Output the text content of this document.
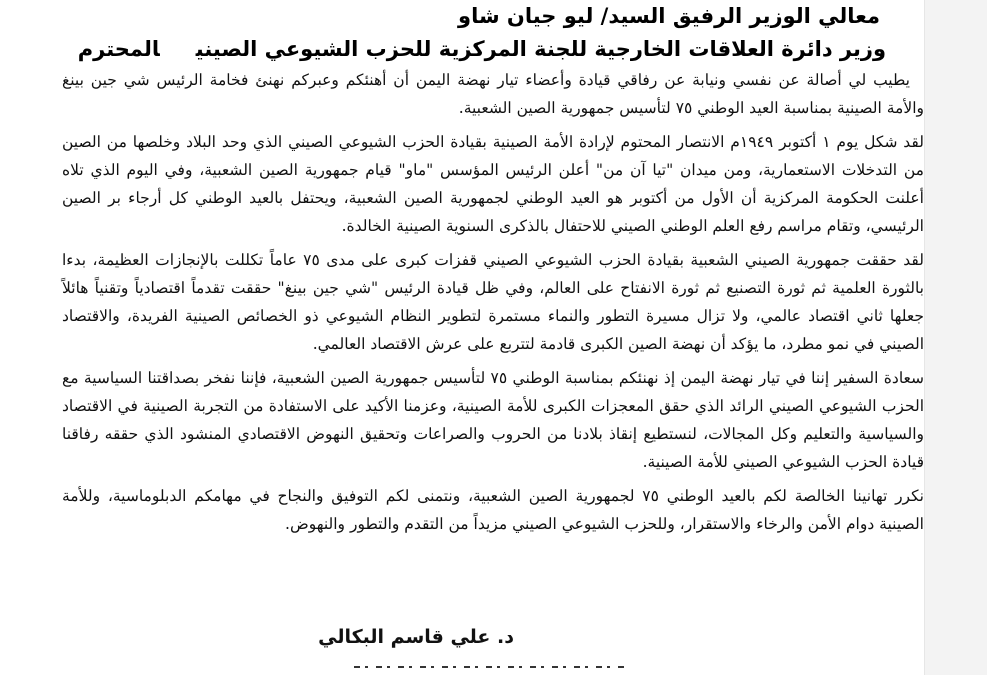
معالي الوزير الرفيق السيد/ ليو جيان شاو
وزير دائرة العلاقات الخارجية للجنة المركزية للحزب الشيوعي الصينيالمحترم

يطيب لي أصالة عن نفسي ونيابة عن رفاقي قيادة وأعضاء تيار نهضة اليمن أن أهنئكم وعبركم نهنئ فخامة الرئيس شي جين بينغ والأمة الصينية بمناسبة العيد الوطني ٧٥ لتأسيس جمهورية الصين الشعبية.

لقد شكل يوم ١ أكتوبر ١٩٤٩م الانتصار المحتوم لإرادة الأمة الصينية بقيادة الحزب الشيوعي الصيني الذي وحد البلاد وخلصها من الصين من التدخلات الاستعمارية، ومن ميدان "تيا آن من" أعلن الرئيس المؤسس "ماو" قيام جمهورية الصين الشعبية، وفي اليوم الذي تلاه أعلنت الحكومة المركزية أن الأول من أكتوبر هو العيد الوطني لجمهورية الصين الشعبية، ويحتفل بالعيد الوطني كل أرجاء بر الصين الرئيسي، وتقام مراسم رفع العلم الوطني الصيني للاحتفال بالذكرى السنوية الصينية الخالدة.

لقد حققت جمهورية الصيني الشعبية بقيادة الحزب الشيوعي الصيني قفزات كبرى على مدى ٧٥ عاماً تكللت بالإنجازات العظيمة، بدءا بالثورة العلمية ثم ثورة التصنيع ثم ثورة الانفتاح على العالم، وفي ظل قيادة الرئيس "شي جين بينغ" حققت تقدماً اقتصادياً وتقنياً هائلاً جعلها ثاني اقتصاد عالمي، ولا تزال مسيرة التطور والنماء مستمرة لتطوير النظام الشيوعي ذو الخصائص الصينية الفريدة، والاقتصاد الصيني في نمو مطرد، ما يؤكد أن نهضة الصين الكبرى قادمة لتتربع على عرش الاقتصاد العالمي.

سعادة السفير إننا في تيار نهضة اليمن إذ نهنئكم بمناسبة الوطني ٧٥ لتأسيس جمهورية الصين الشعبية، فإننا نفخر بصداقتنا السياسية مع الحزب الشيوعي الصيني الرائد الذي حقق المعجزات الكبرى للأمة الصينية، وعزمنا الأكيد على الاستفادة من التجربة الصينية في الاقتصاد والسياسية والتعليم وكل المجالات، لنستطيع إنقاذ بلادنا من الحروب والصراعات وتحقيق النهوض الاقتصادي المنشود الذي حققه رفاقنا قيادة الحزب الشيوعي الصيني للأمة الصينية.

نكرر تهانينا الخالصة لكم بالعيد الوطني ٧٥ لجمهورية الصين الشعبية، ونتمنى لكم التوفيق والنجاح في مهامكم الدبلوماسية، وللأمة الصينية دوام الأمن والرخاء والاستقرار، وللحزب الشيوعي الصيني مزيداً من التقدم والتطور والنهوض.

د. علي قاسم البكالي
